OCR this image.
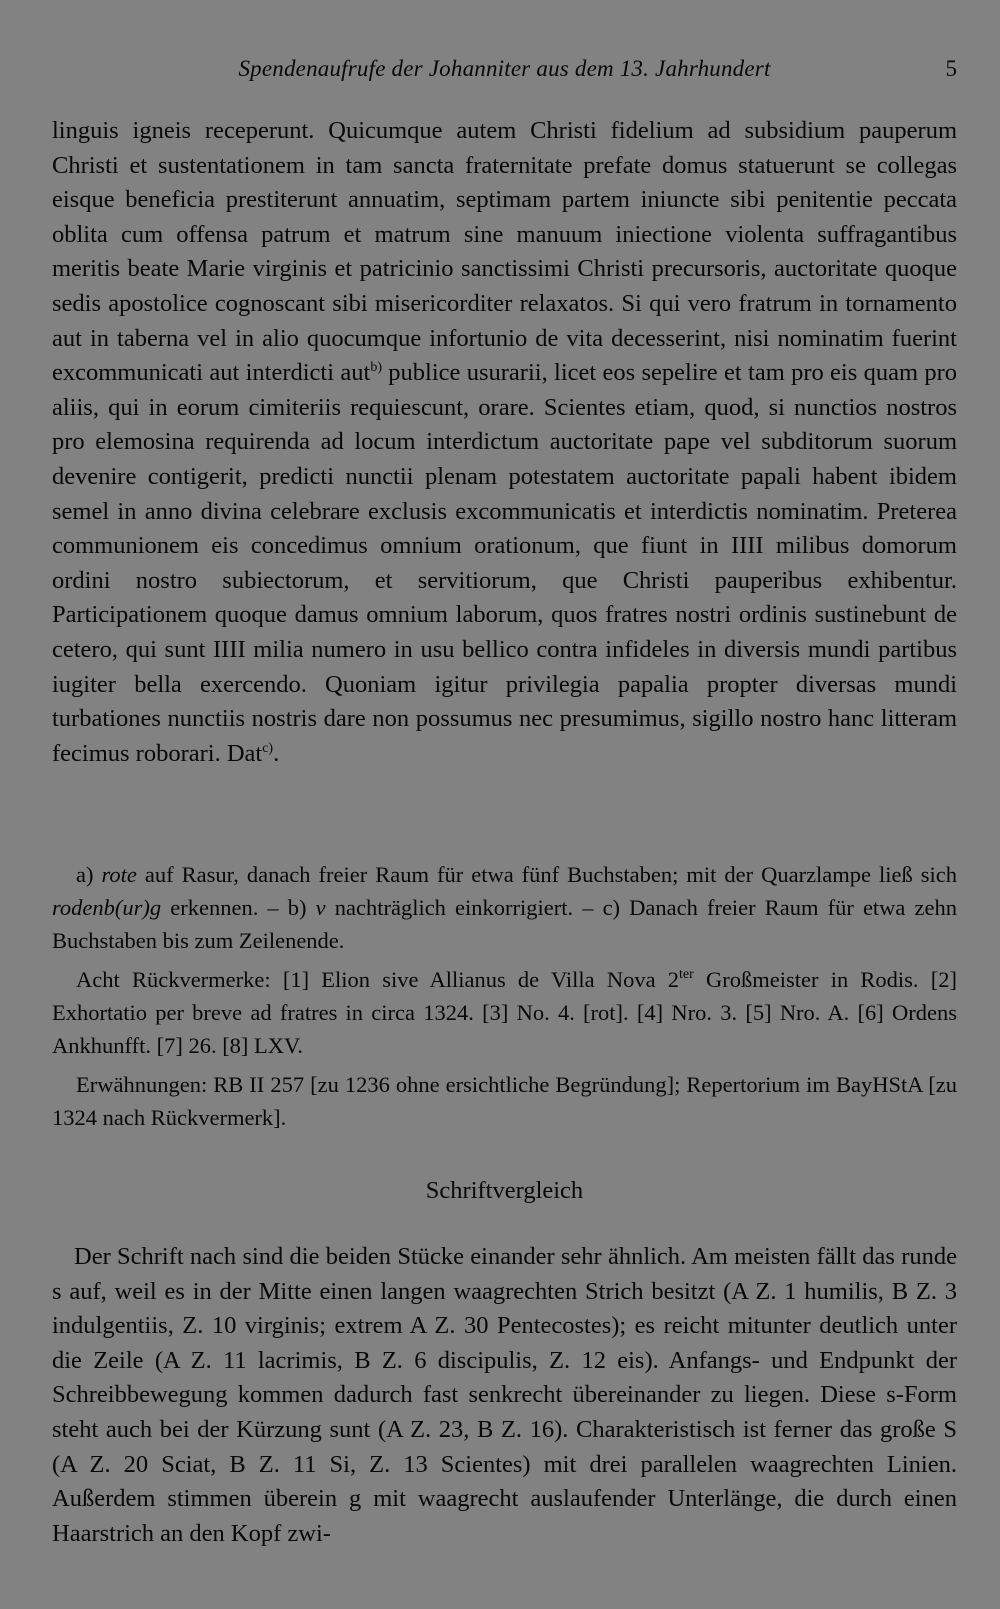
Spendenaufrufe der Johanniter aus dem 13. Jahrhundert	5

linguis igneis receperunt. Quicumque autem Christi fidelium ad subsidium pauperum Christi et sustentationem in tam sancta fraternitate prefate domus statuerunt se collegas eisque beneficia prestiterunt annuatim, septimam partem iniuncte sibi penitentie peccata oblita cum offensa patrum et matrum sine manuum iniectione violenta suffragantibus meritis beate Marie virginis et patricinio sanctissimi Christi precursoris, auctoritate quoque sedis apostolice cognoscant sibi misericorditer relaxatos. Si qui vero fratrum in tornamento aut in taberna vel in alio quocumque infortunio de vita decesserint, nisi nominatim fuerint excommunicati aut interdicti aut$^{b)}$ publice usurarii, licet eos sepelire et tam pro eis quam pro aliis, qui in eorum cimiteriis requiescunt, orare. Scientes etiam, quod, si nunctios nostros pro elemosina requirenda ad locum interdictum auctoritate pape vel subditorum suorum devenire contigerit, predicti nunctii plenam potestatem auctoritate papali habent ibidem semel in anno divina celebrare exclusis excommunicatis et interdictis nominatim. Preterea communionem eis concedimus omnium orationum, que fiunt in IIII milibus domorum ordini nostro subiectorum, et servitiorum, que Christi pauperibus exhibentur. Participationem quoque damus omnium laborum, quos fratres nostri ordinis sustinebunt de cetero, qui sunt IIII milia numero in usu bellico contra infideles in diversis mundi partibus iugiter bella exercendo. Quoniam igitur privilegia papalia propter diversas mundi turbationes nunctiis nostris dare non possumus nec presumimus, sigillo nostro hanc litteram fecimus roborari. Dat$^{c)}$.

a) rote auf Rasur, danach freier Raum für etwa fünf Buchstaben; mit der Quarzlampe ließ sich rodenb(ur)g erkennen. – b) v nachträglich einkorrigiert. – c) Danach freier Raum für etwa zehn Buchstaben bis zum Zeilenende.

Acht Rückvermerke: [1] Elion sive Allianus de Villa Nova $2^{ter}$ Großmeister in Rodis. [2] Exhortatio per breve ad fratres in circa 1324. [3] No. 4. [rot]. [4] Nro. 3. [5] Nro. A. [6] Ordens Ankhunfft. [7] 26. [8] LXV.

Erwähnungen: RB II 257 [zu 1236 ohne ersichtliche Begründung]; Repertorium im BayHStA [zu 1324 nach Rückvermerk].

Schriftvergleich

Der Schrift nach sind die beiden Stücke einander sehr ähnlich. Am meisten fällt das runde s auf, weil es in der Mitte einen langen waagrechten Strich besitzt (A Z. 1 humilis, B Z. 3 indulgentiis, Z. 10 virginis; extrem A Z. 30 Pentecostes); es reicht mitunter deutlich unter die Zeile (A Z. 11 lacrimis, B Z. 6 discipulis, Z. 12 eis). Anfangs- und Endpunkt der Schreibbewegung kommen dadurch fast senkrecht übereinander zu liegen. Diese s-Form steht auch bei der Kürzung sunt (A Z. 23, B Z. 16). Charakteristisch ist ferner das große S (A Z. 20 Sciat, B Z. 11 Si, Z. 13 Scientes) mit drei parallelen waagrechten Linien. Außerdem stimmen überein g mit waagrecht auslaufender Unterlänge, die durch einen Haarstrich an den Kopf zwi-
